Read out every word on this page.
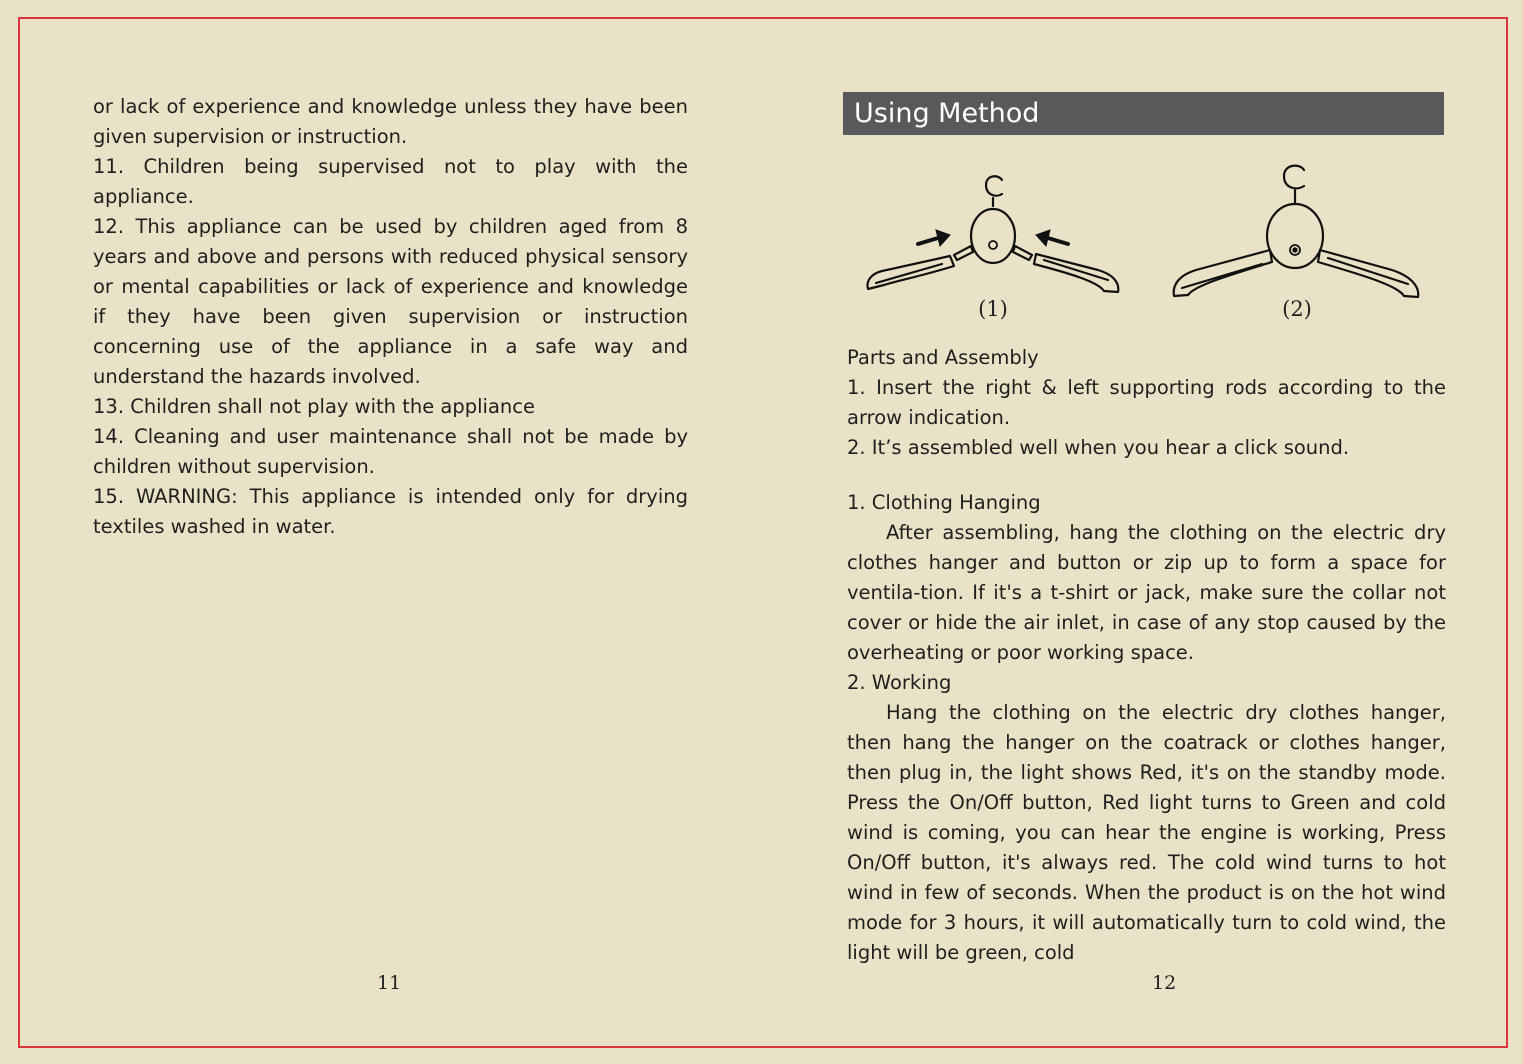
or lack of experience and knowledge unless they have been given supervision or instruction.

11. Children being supervised not to play with the appliance.

12. This appliance can be used by children aged from 8 years and above and persons with reduced physical sensory or mental capabilities or lack of experience and knowledge if they have been given supervision or instruction concerning use of the appliance in a safe way and understand the hazards involved.

13. Children shall not play with the appliance

14. Cleaning and user maintenance shall not be made by children without supervision.

15. WARNING: This appliance is intended only for drying textiles washed in water.

11
Using Method
(1)	(2)

Parts and Assembly

1. Insert the right & left supporting rods according to the arrow indication.

2. It’s assembled well when you hear a click sound.

1. Clothing Hanging

After assembling, hang the clothing on the electric dry clothes hanger and button or zip up to form a space for ventila-tion. If it's a t-shirt or jack, make sure the collar not cover or hide the air inlet, in case of any stop caused by the overheating or poor working space.

2. Working

Hang the clothing on the electric dry clothes hanger, then hang the hanger on the coatrack or clothes hanger, then plug in, the light shows Red, it's on the standby mode. Press the On/Off button, Red light turns to Green and cold wind is coming, you can hear the engine is working, Press On/Off button, it's always red. The cold wind turns to hot wind in few of seconds. When the product is on the hot wind mode for 3 hours, it will automatically turn to cold wind, the light will be green, cold

12
